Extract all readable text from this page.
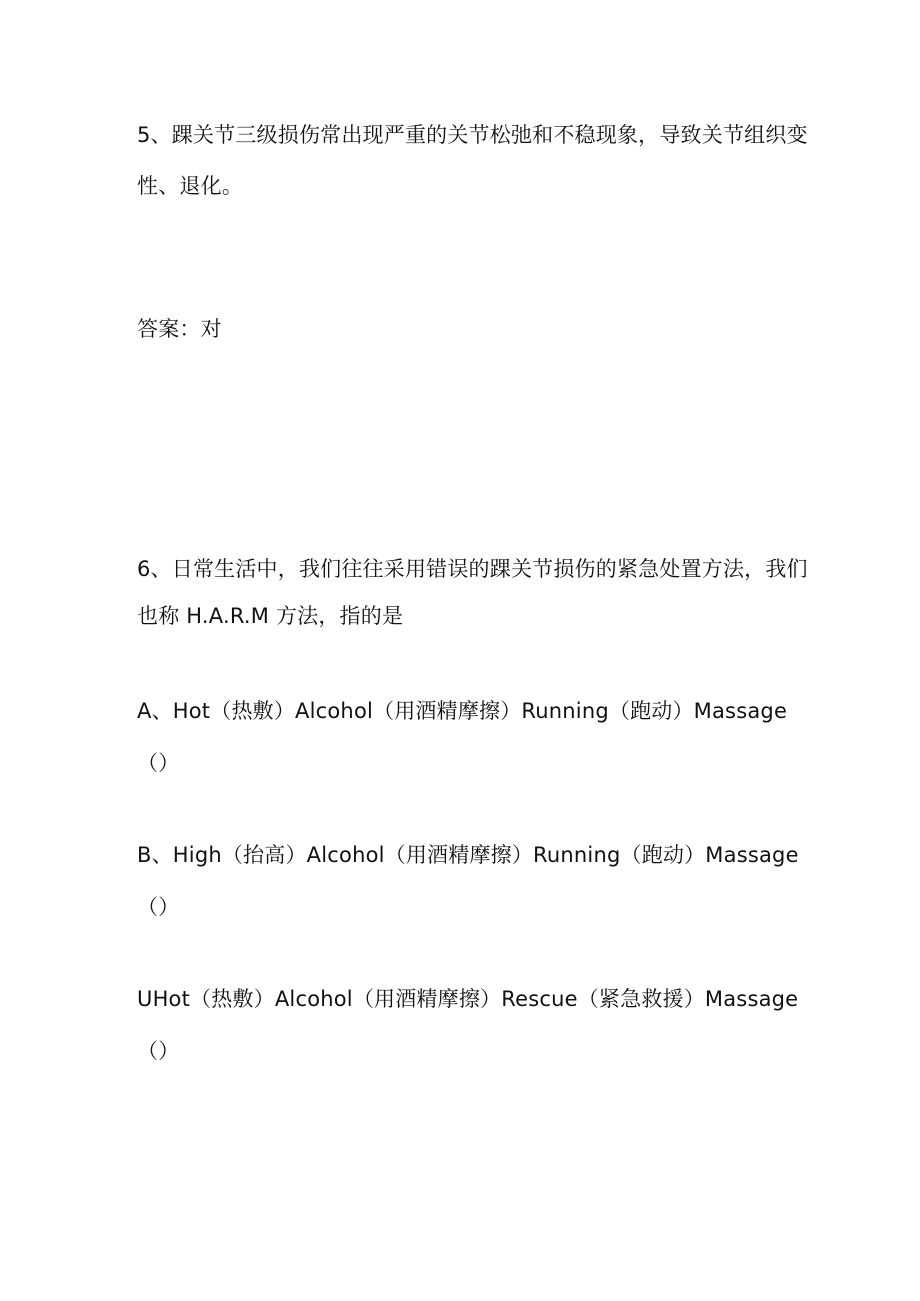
5、踝关节三级损伤常出现严重的关节松弛和不稳现象，导致关节组织变

性、退化。

答案：对

6、日常生活中，我们往往采用错误的踝关节损伤的紧急处置方法，我们

也称 H.A.R.M 方法，指的是

A、Hot（热敷）Alcohol（用酒精摩擦）Running（跑动）Massage

（）

B、High（抬高）Alcohol（用酒精摩擦）Running（跑动）Massage

（）

UHot（热敷）Alcohol（用酒精摩擦）Rescue（紧急救援）Massage

（）
